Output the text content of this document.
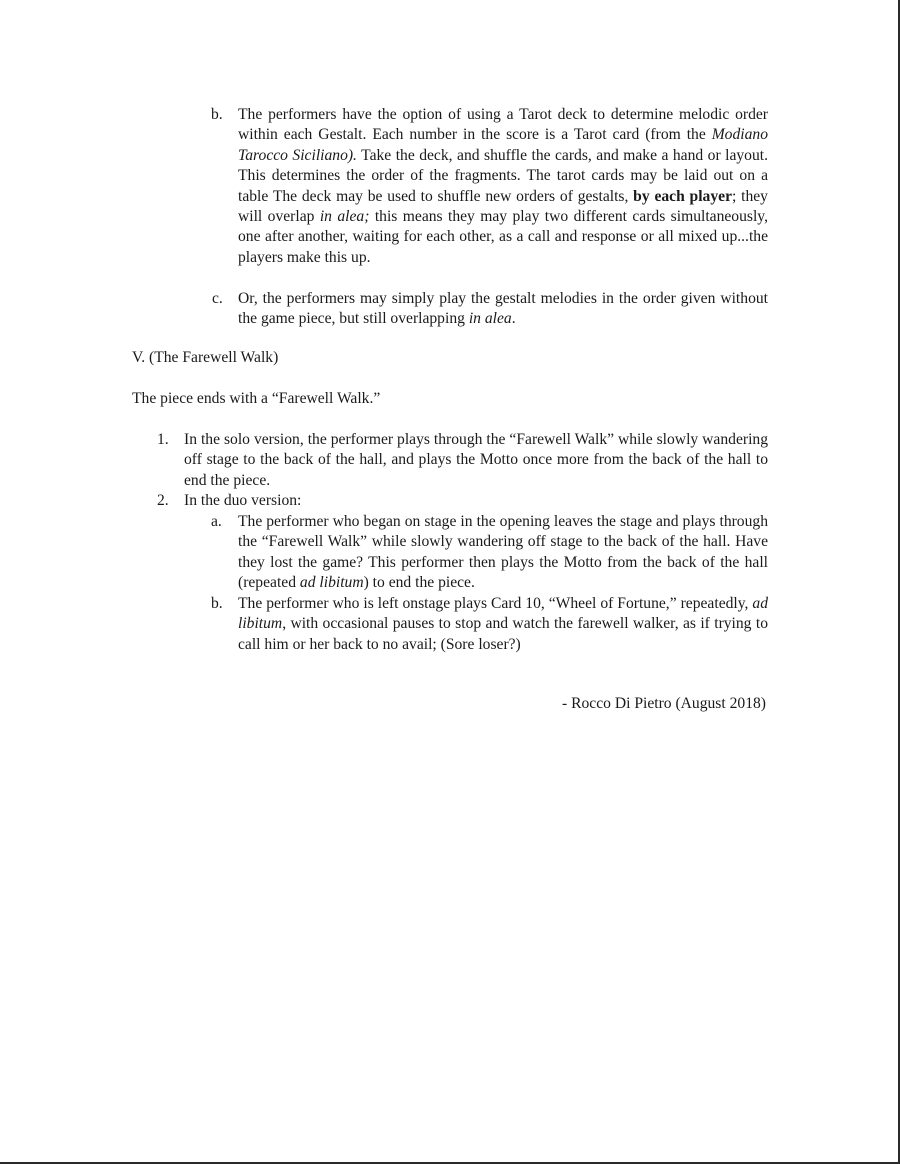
b. The performers have the option of using a Tarot deck to determine melodic order within each Gestalt. Each number in the score is a Tarot card (from the Modiano Tarocco Siciliano). Take the deck, and shuffle the cards, and make a hand or layout. This determines the order of the fragments. The tarot cards may be laid out on a table The deck may be used to shuffle new orders of gestalts, by each player; they will overlap in alea; this means they may play two different cards simultaneously, one after another, waiting for each other, as a call and response or all mixed up...the players make this up.
c. Or, the performers may simply play the gestalt melodies in the order given without the game piece, but still overlapping in alea.
V. (The Farewell Walk)
The piece ends with a “Farewell Walk.”
1. In the solo version, the performer plays through the “Farewell Walk” while slowly wandering off stage to the back of the hall, and plays the Motto once more from the back of the hall to end the piece.
2. In the duo version:
a. The performer who began on stage in the opening leaves the stage and plays through the “Farewell Walk” while slowly wandering off stage to the back of the hall. Have they lost the game? This performer then plays the Motto from the back of the hall (repeated ad libitum) to end the piece.
b. The performer who is left onstage plays Card 10, “Wheel of Fortune,” repeatedly, ad libitum, with occasional pauses to stop and watch the farewell walker, as if trying to call him or her back to no avail; (Sore loser?)
- Rocco Di Pietro (August 2018)
